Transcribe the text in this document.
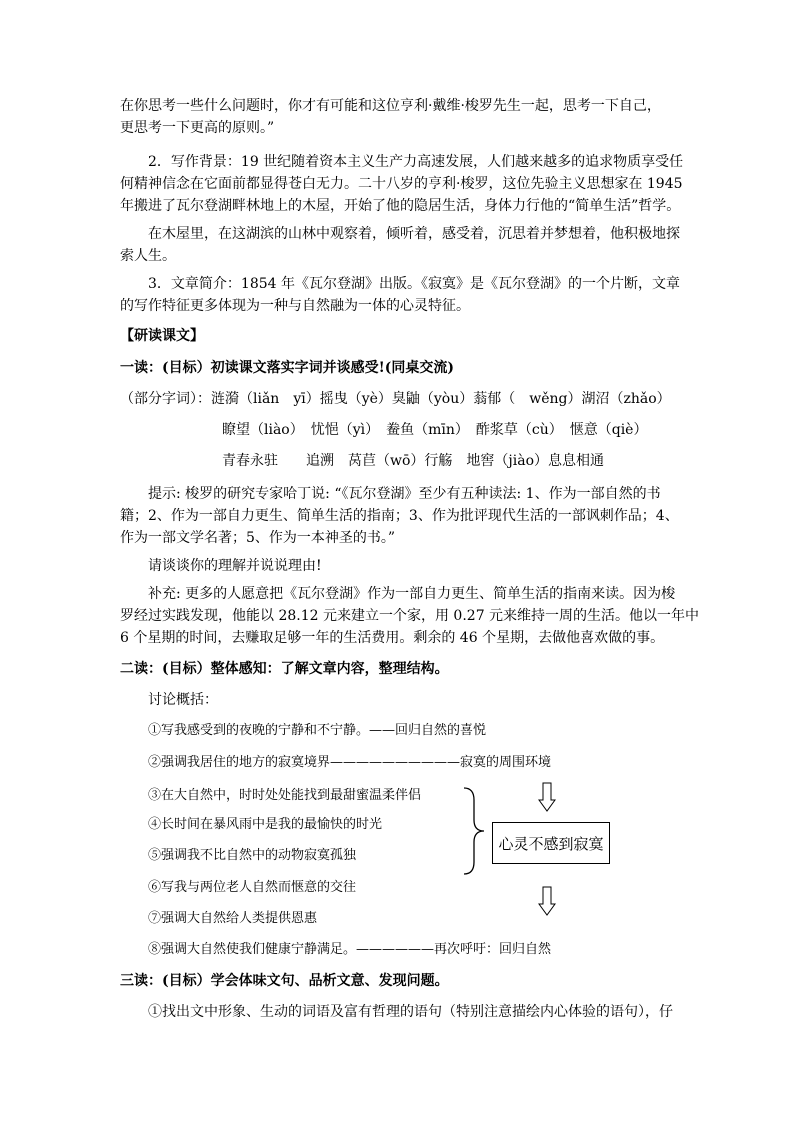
在你思考一些什么问题时，你才有可能和这位亨利·戴维·梭罗先生一起，思考一下自己，
更思考一下更高的原则。”
2．写作背景：19 世纪随着资本主义生产力高速发展，人们越来越多的追求物质享受任
何精神信念在它面前都显得苍白无力。二十八岁的亨利·梭罗，这位先验主义思想家在 1945
年搬进了瓦尔登湖畔林地上的木屋，开始了他的隐居生活，身体力行他的“简单生活”哲学。
在木屋里，在这湖滨的山林中观察着，倾听着，感受着，沉思着并梦想着，他积极地探
索人生。
3．文章简介：1854 年《瓦尔登湖》出版。《寂寞》是《瓦尔登湖》的一个片断，文章
的写作特征更多体现为一种与自然融为一体的心灵特征。
【研读课文】
一读：(目标）初读课文落实字词并谈感受!(同桌交流)
（部分字词）：涟漪（liǎn　yī）摇曳（yè）臭鼬（yòu）蓊郁（　wěng）湖沼（zhǎo）
瞭望（liào）　忧悒（yì）　鲞鱼（mīn）　酢浆草（cù）　惬意（qiè）
青春永驻　　追溯　莴苣（wō）行觞　地窖（jiào）息息相通
提示: 梭罗的研究专家哈丁说: “《瓦尔登湖》至少有五种读法: 1、作为一部自然的书
籍；2、作为一部自力更生、简单生活的指南；3、作为批评现代生活的一部讽刺作品；4、
作为一部文学名著；5、作为一本神圣的书。”
请谈谈你的理解并说说理由!
补充: 更多的人愿意把《瓦尔登湖》作为一部自力更生、简单生活的指南来读。因为梭
罗经过实践发现，他能以 28.12 元来建立一个家，用 0.27 元来维持一周的生活。他以一年中
6 个星期的时间，去赚取足够一年的生活费用。剩余的 46 个星期，去做他喜欢做的事。
二读：(目标）整体感知：了解文章内容，整理结构。
讨论概括：
①写我感受到的夜晚的宁静和不宁静。——回归自然的喜悦
②强调我居住的地方的寂寞境界——————————寂寞的周围环境
③在大自然中，时时处处能找到最甜蜜温柔伴侣
④长时间在暴风雨中是我的最愉快的时光
⑤强调我不比自然中的动物寂寞孤独
⑥写我与两位老人自然而惬意的交往
⑦强调大自然给人类提供恩惠
⑧强调大自然使我们健康宁静满足。——————再次呼吁：回归自然
心灵不感到寂寞
三读：(目标）学会体味文句、品析文意、发现问题。
①找出文中形象、生动的词语及富有哲理的语句（特别注意描绘内心体验的语句），仔
